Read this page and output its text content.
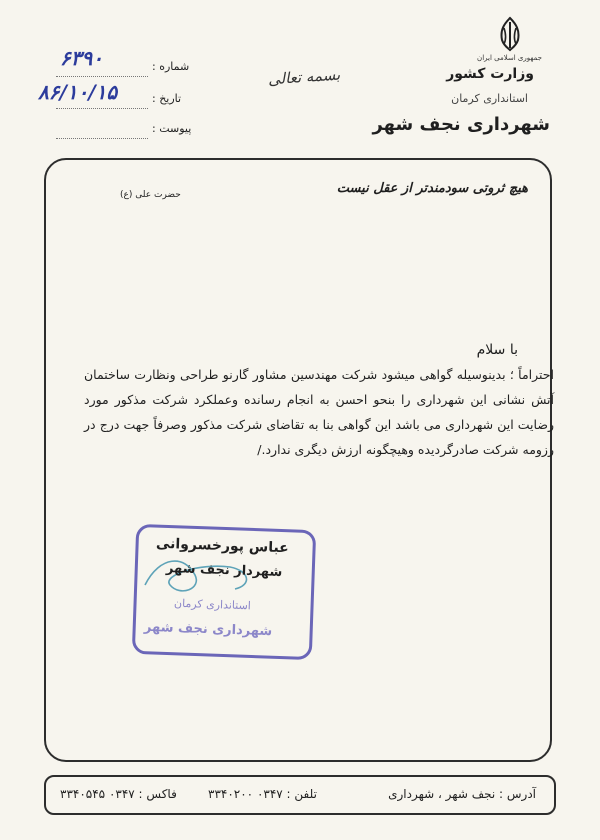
جمهوری اسلامی ایران
وزارت کشور
استانداری کرمان
شهرداری نجف شهر
بسمه تعالی
: شماره
۶۳۹۰
: تاریخ
۸۶/۱۰/۱۵
: پیوست
هیچ ثروتی سودمندتر از عقل نیست
حضرت علی (ع)
با سلام
احتراماً ؛ بدینوسیله گواهی میشود شرکت مهندسین مشاور گارنو طراحی ونظارت ساختمان آتش نشانی این شهرداری را بنحو احسن به انجام رسانده وعملکرد شرکت مذکور مورد رضایت این شهرداری می باشد این گواهی بنا به تقاضای شرکت مذکور وصرفاً جهت درج در رزومه شرکت صادرگردیده وهیچگونه ارزش دیگری ندارد./
عباس پورخسروانی
شهردار نجف شهر
استانداری کرمان
شهرداری نجف شهر
آدرس : نجف شهر ، شهرداری
تلفن : ۰۳۴۷ ۳۳۴۰۲۰۰
فاکس : ۰۳۴۷ ۳۳۴۰۵۴۵
